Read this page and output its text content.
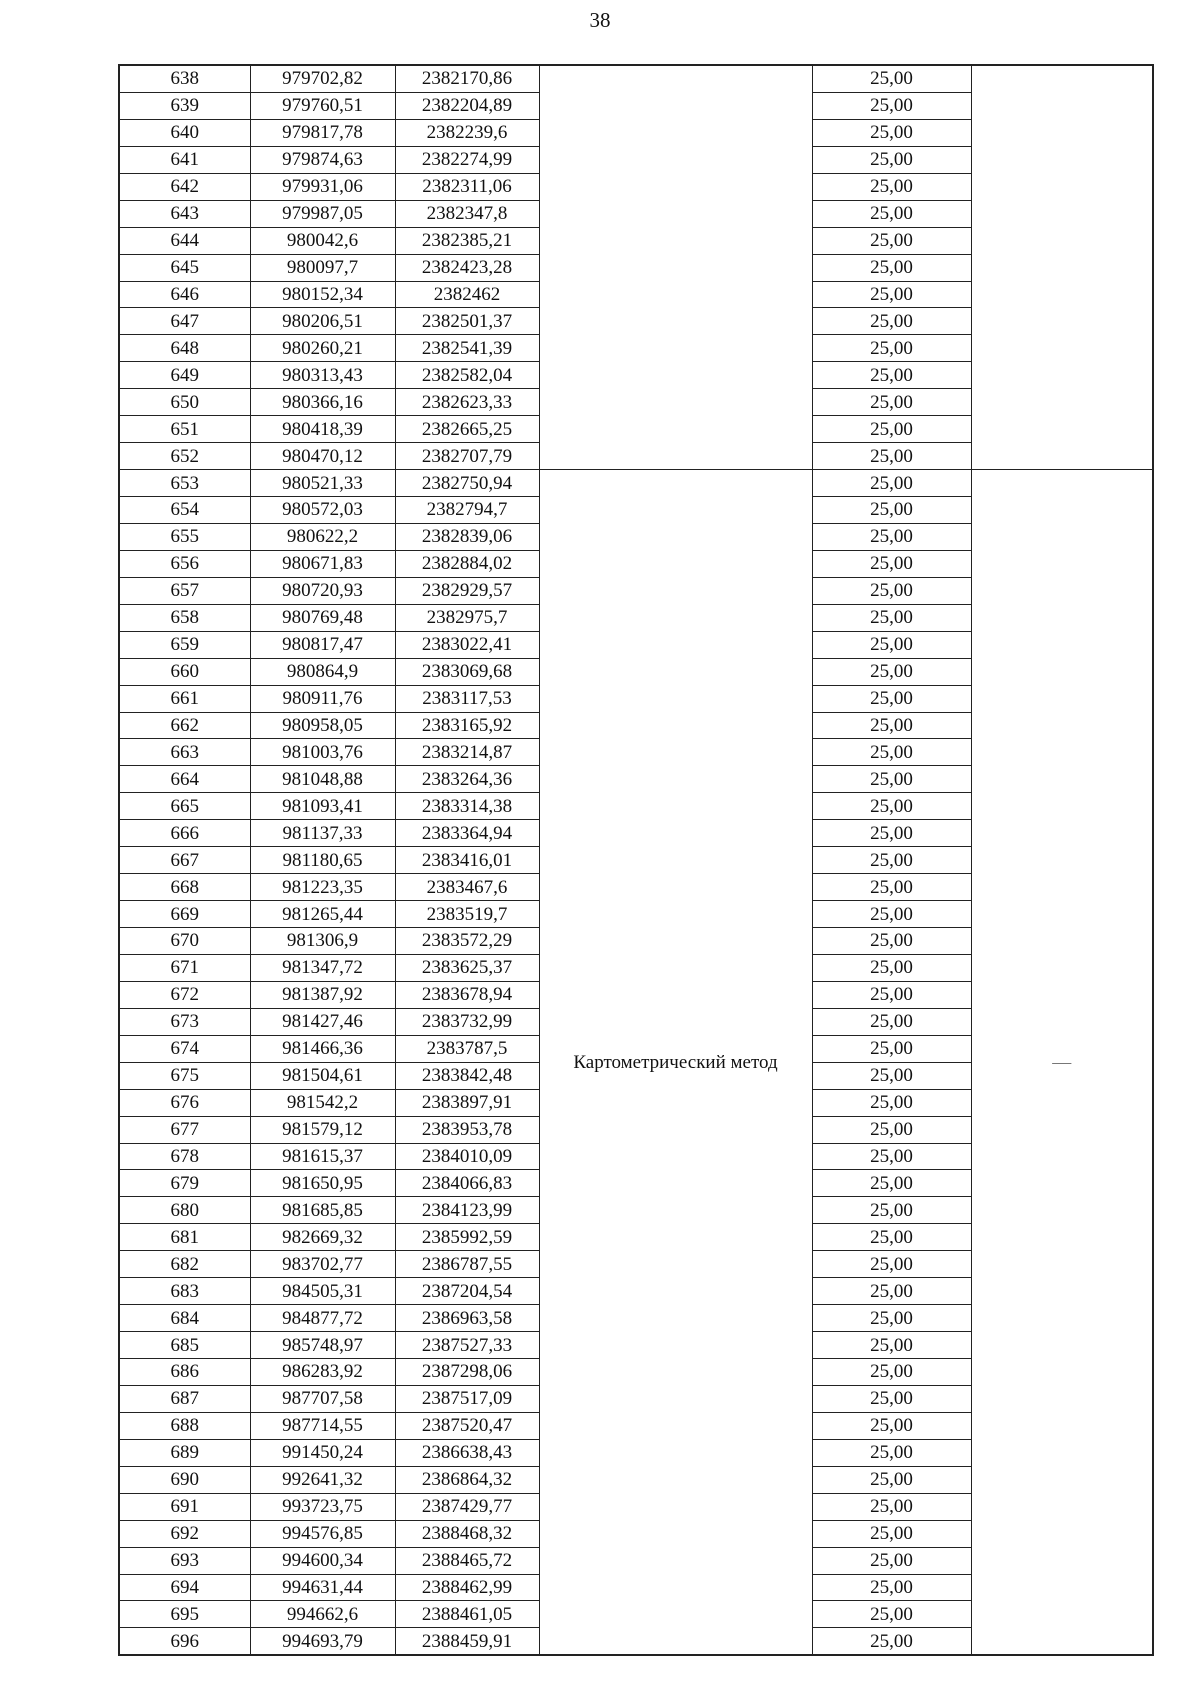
38
638	979702,82	2382170,86		25,00	
639	979760,51	2382204,89		25,00	
640	979817,78	2382239,6		25,00	
641	979874,63	2382274,99		25,00	
642	979931,06	2382311,06		25,00	
643	979987,05	2382347,8		25,00	
644	980042,6	2382385,21		25,00	
645	980097,7	2382423,28		25,00	
646	980152,34	2382462		25,00	
647	980206,51	2382501,37		25,00	
648	980260,21	2382541,39		25,00	
649	980313,43	2382582,04		25,00	
650	980366,16	2382623,33		25,00	
651	980418,39	2382665,25		25,00	
652	980470,12	2382707,79		25,00	
653	980521,33	2382750,94	Картометрический метод	25,00	—
654	980572,03	2382794,7		25,00	
655	980622,2	2382839,06		25,00	
656	980671,83	2382884,02		25,00	
657	980720,93	2382929,57		25,00	
658	980769,48	2382975,7		25,00	
659	980817,47	2383022,41		25,00	
660	980864,9	2383069,68		25,00	
661	980911,76	2383117,53		25,00	
662	980958,05	2383165,92		25,00	
663	981003,76	2383214,87		25,00	
664	981048,88	2383264,36		25,00	
665	981093,41	2383314,38		25,00	
666	981137,33	2383364,94		25,00	
667	981180,65	2383416,01		25,00	
668	981223,35	2383467,6		25,00	
669	981265,44	2383519,7		25,00	
670	981306,9	2383572,29		25,00	
671	981347,72	2383625,37		25,00	
672	981387,92	2383678,94		25,00	
673	981427,46	2383732,99		25,00	
674	981466,36	2383787,5		25,00	
675	981504,61	2383842,48		25,00	
676	981542,2	2383897,91		25,00	
677	981579,12	2383953,78		25,00	
678	981615,37	2384010,09		25,00	
679	981650,95	2384066,83		25,00	
680	981685,85	2384123,99		25,00	
681	982669,32	2385992,59		25,00	
682	983702,77	2386787,55		25,00	
683	984505,31	2387204,54		25,00	
684	984877,72	2386963,58		25,00	
685	985748,97	2387527,33		25,00	
686	986283,92	2387298,06		25,00	
687	987707,58	2387517,09		25,00	
688	987714,55	2387520,47		25,00	
689	991450,24	2386638,43		25,00	
690	992641,32	2386864,32		25,00	
691	993723,75	2387429,77		25,00	
692	994576,85	2388468,32		25,00	
693	994600,34	2388465,72		25,00	
694	994631,44	2388462,99		25,00	
695	994662,6	2388461,05		25,00	
696	994693,79	2388459,91		25,00	
